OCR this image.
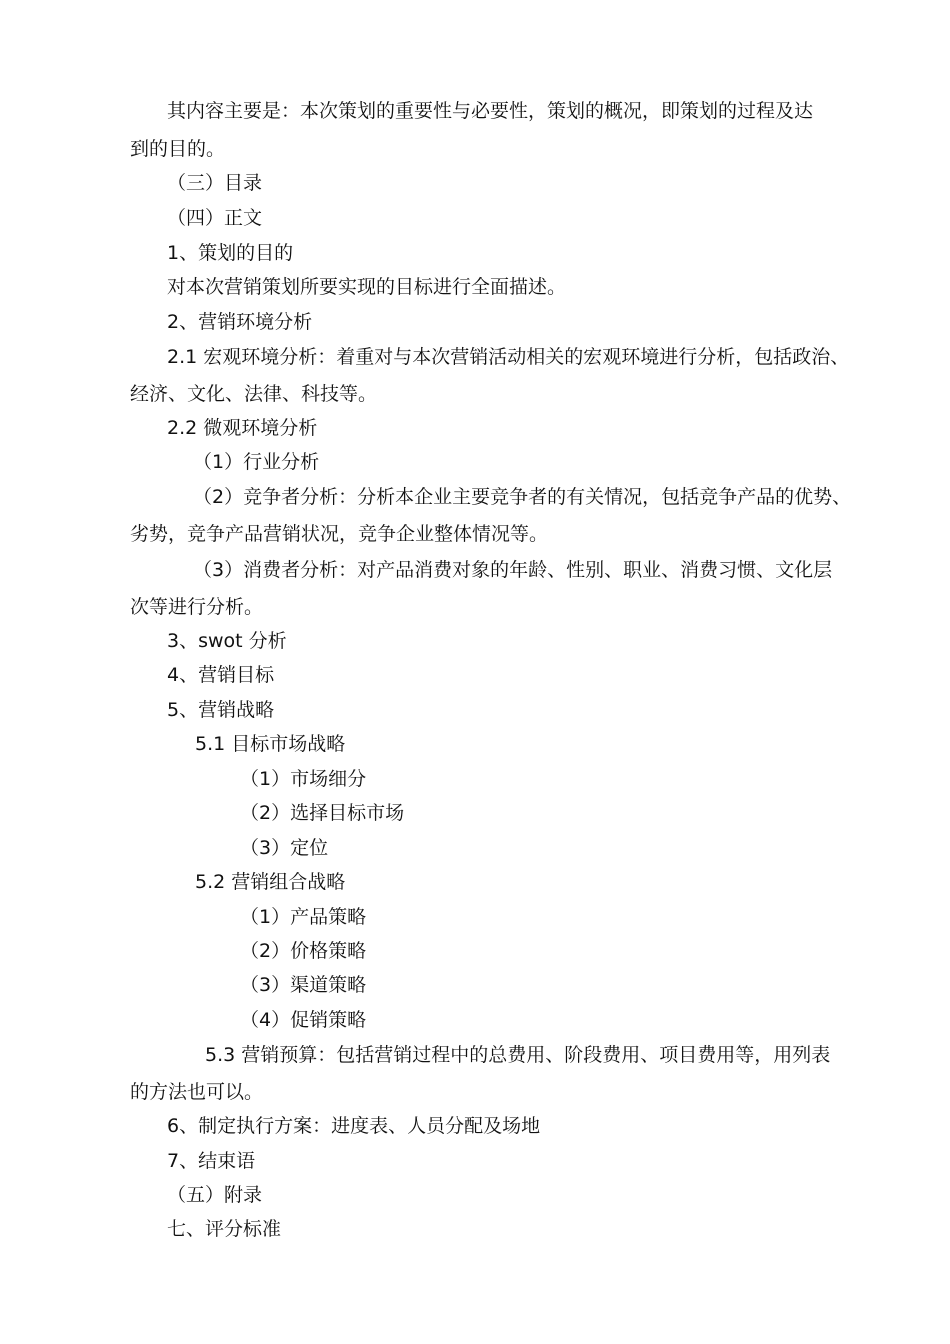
其内容主要是：本次策划的重要性与必要性，策划的概况，即策划的过程及达

到的目的。

（三）目录

（四）正文

1、策划的目的

对本次营销策划所要实现的目标进行全面描述。

2、营销环境分析

2.1 宏观环境分析：着重对与本次营销活动相关的宏观环境进行分析，包括政治、

经济、文化、法律、科技等。

2.2 微观环境分析

（1）行业分析

（2）竞争者分析：分析本企业主要竞争者的有关情况，包括竞争产品的优势、

劣势，竞争产品营销状况，竞争企业整体情况等。

（3）消费者分析：对产品消费对象的年龄、性别、职业、消费习惯、文化层

次等进行分析。

3、swot 分析

4、营销目标

5、营销战略

5.1 目标市场战略

（1）市场细分

（2）选择目标市场

（3）定位

5.2 营销组合战略

（1）产品策略

（2）价格策略

（3）渠道策略

（4）促销策略

5.3 营销预算：包括营销过程中的总费用、阶段费用、项目费用等，用列表

的方法也可以。

6、制定执行方案：进度表、人员分配及场地

7、结束语

（五）附录

七、评分标准
